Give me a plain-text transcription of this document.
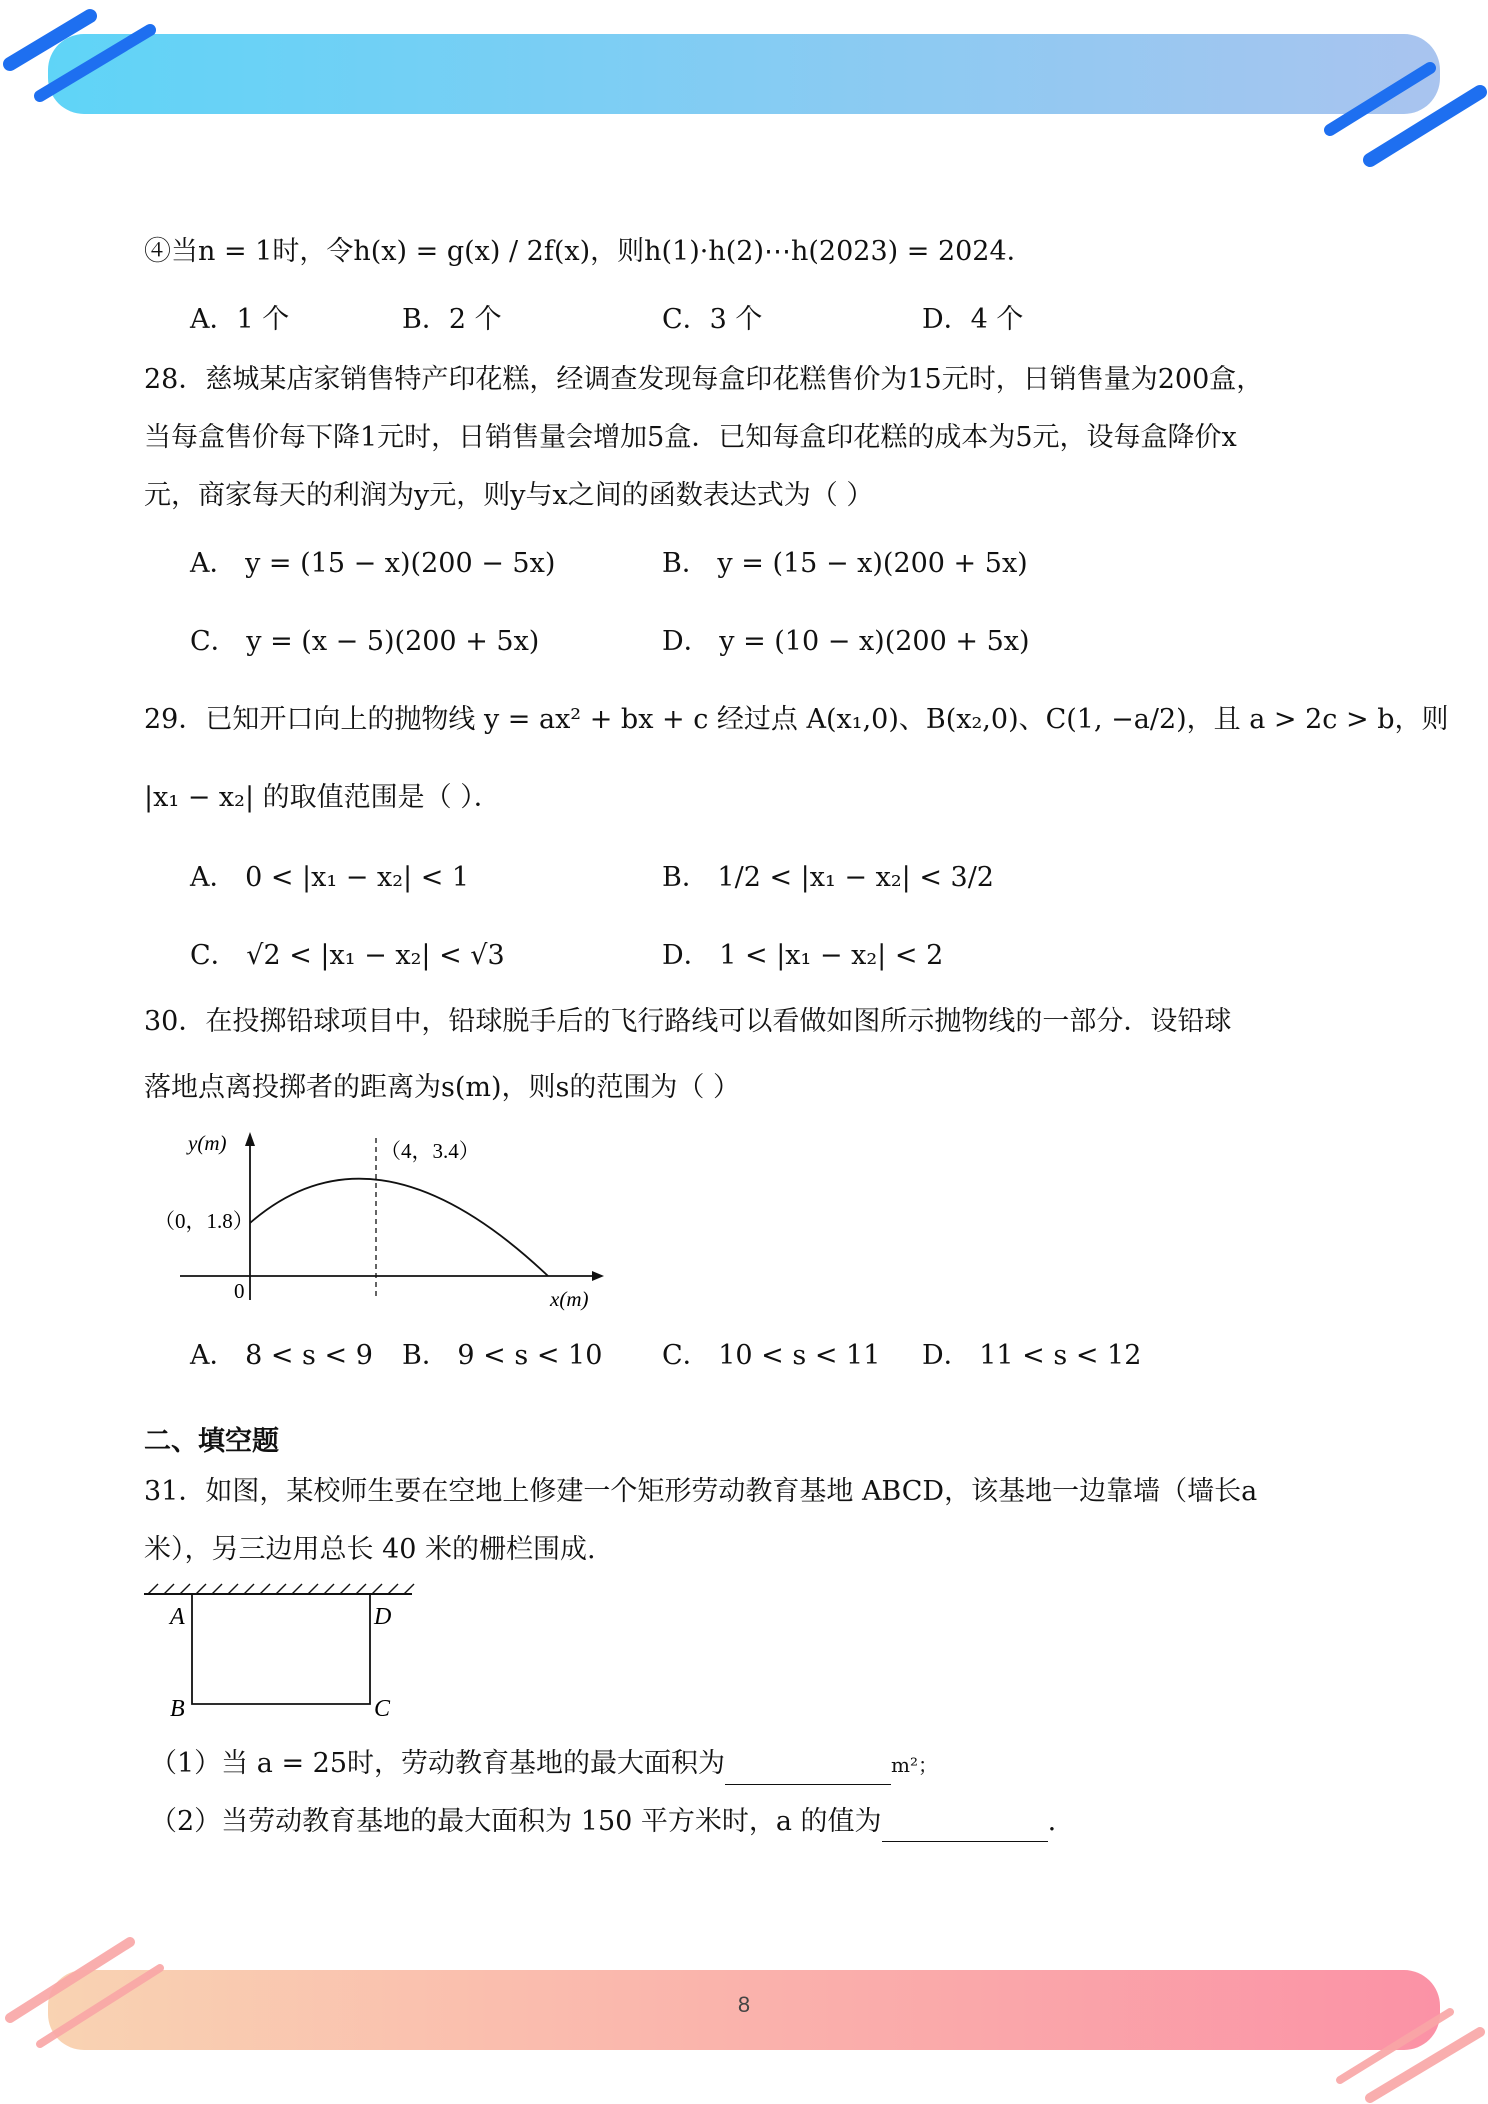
8
④当n = 1时，令h(x) = g(x) / 2f(x)，则h(1)·h(2)⋯h(2023) = 2024．
A．1 个	B．2 个	C．3 个	D．4 个
28．慈城某店家销售特产印花糕，经调查发现每盒印花糕售价为15元时，日销售量为200盒，
当每盒售价每下降1元时，日销售量会增加5盒．已知每盒印花糕的成本为5元，设每盒降价x
元，商家每天的利润为y元，则y与x之间的函数表达式为（ ）
A． y = (15 − x)(200 − 5x)	B． y = (15 − x)(200 + 5x)
C． y = (x − 5)(200 + 5x)	D． y = (10 − x)(200 + 5x)
29．已知开口向上的抛物线 y = ax² + bx + c 经过点 A(x₁,0)、B(x₂,0)、C(1, −a/2)，且 a > 2c > b，则
|x₁ − x₂| 的取值范围是（ ）．
A． 0 < |x₁ − x₂| < 1	B． 1/2 < |x₁ − x₂| < 3/2
C． √2 < |x₁ − x₂| < √3	D． 1 < |x₁ − x₂| < 2
30．在投掷铅球项目中，铅球脱手后的飞行路线可以看做如图所示抛物线的一部分．设铅球
落地点离投掷者的距离为s(m)，则s的范围为（ ）
y(m)
x(m)
0
（0，1.8）
（4，3.4）
A． 8 < s < 9 B． 9 < s < 10 C． 10 < s < 11 D． 11 < s < 12
二、填空题
31．如图，某校师生要在空地上修建一个矩形劳动教育基地 ABCD，该基地一边靠墙（墙长a
米），另三边用总长 40 米的栅栏围成.
A	D
B	C
（1）当 a = 25时，劳动教育基地的最大面积为	m²；
（2）当劳动教育基地的最大面积为 150 平方米时，a 的值为	.
